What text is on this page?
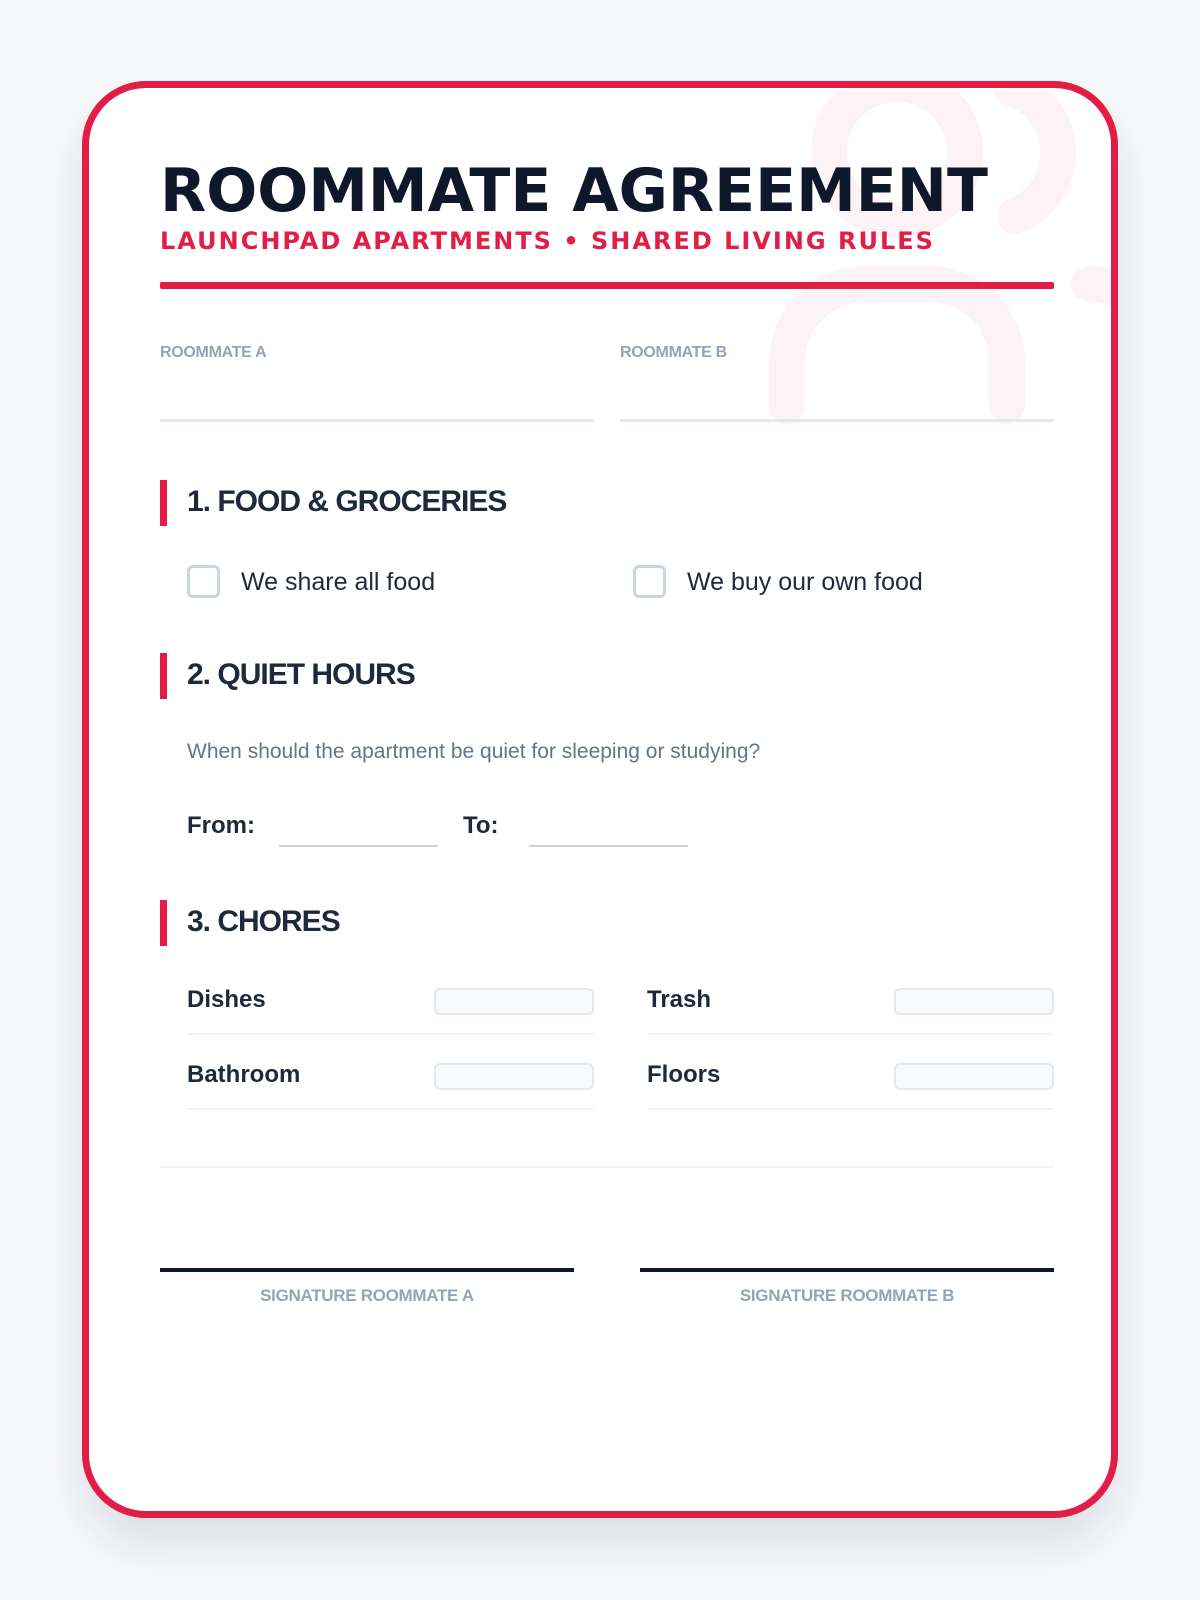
ROOMMATE AGREEMENT
LAUNCHPAD APARTMENTS • SHARED LIVING RULES
ROOMMATE A	ROOMMATE B
1. FOOD & GROCERIES
We share all food	We buy our own food
2. QUIET HOURS
When should the apartment be quiet for sleeping or studying?
From:	To:
3. CHORES
Dishes	Trash
Bathroom	Floors
SIGNATURE ROOMMATE A	SIGNATURE ROOMMATE B
